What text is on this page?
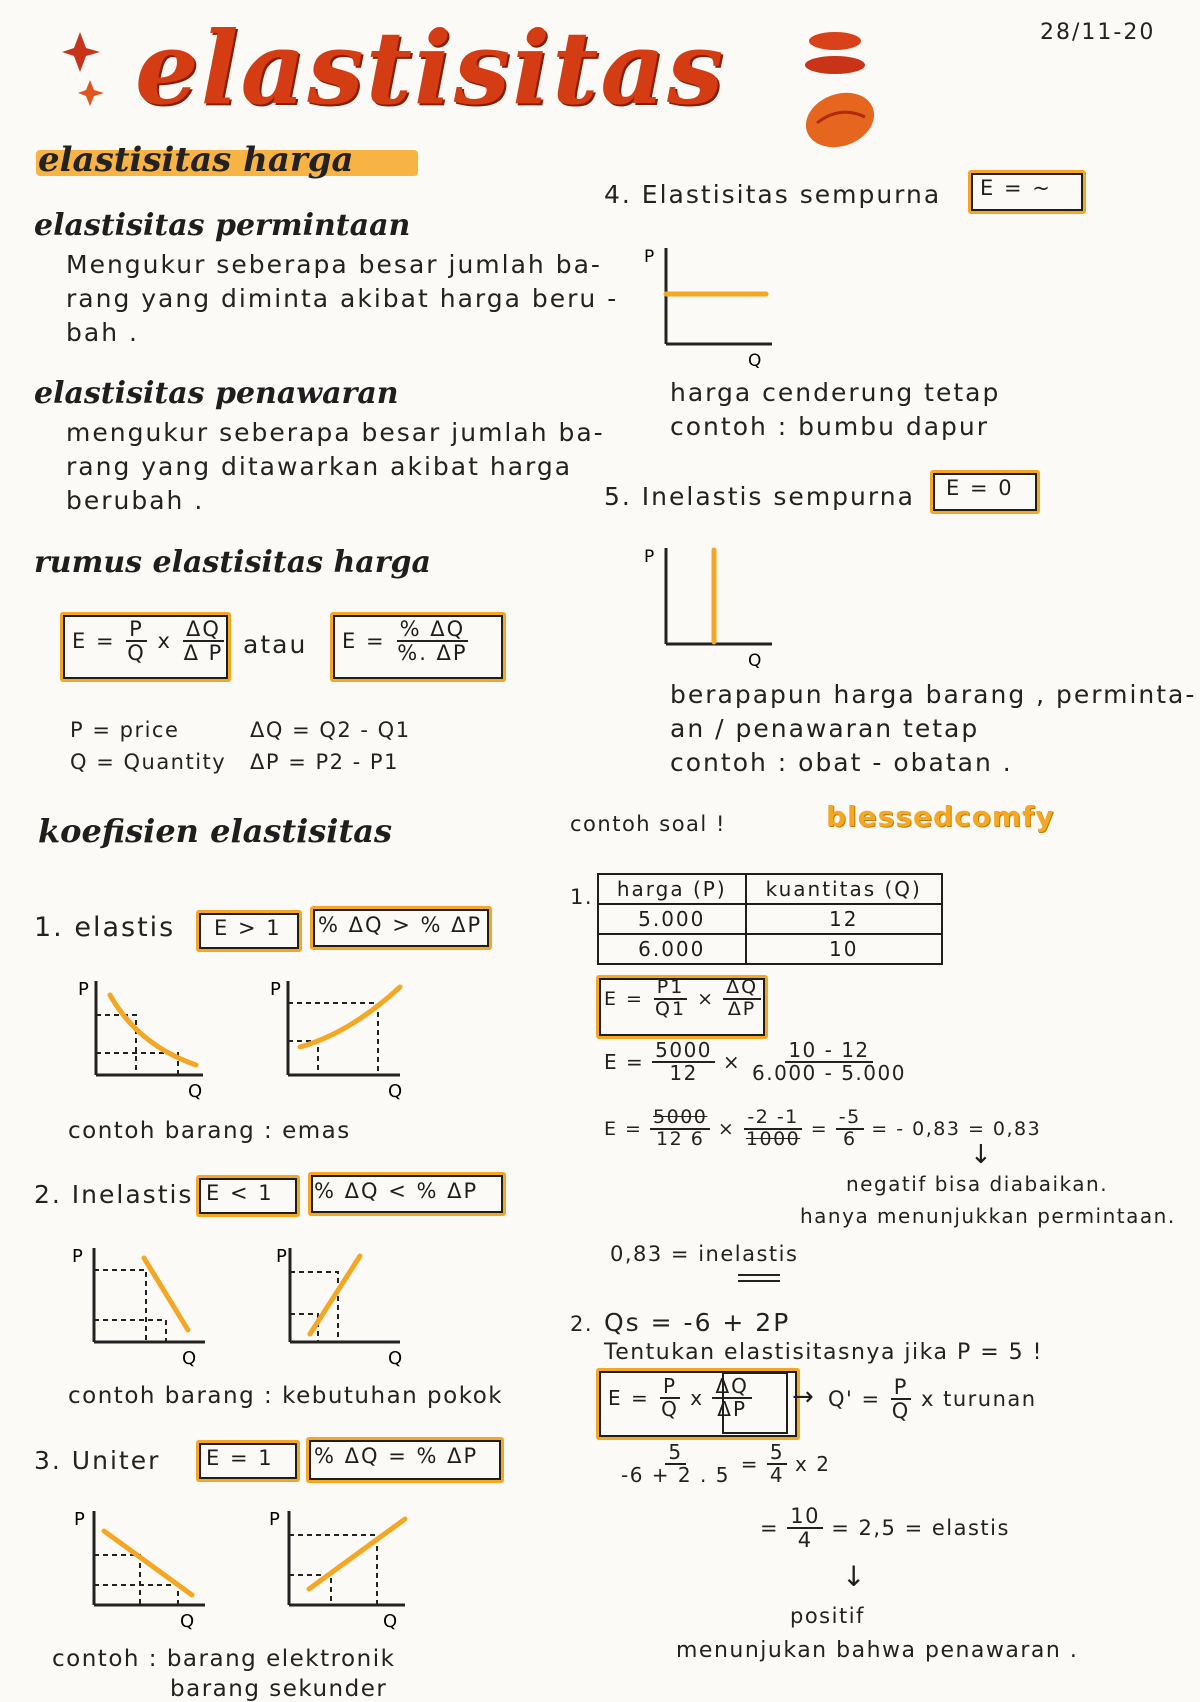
elastisitas	28/11-20
elastisitas harga
elastisitas permintaan
Mengukur seberapa besar jumlah ba-
rang yang diminta akibat harga beru -
bah .
elastisitas penawaran
mengukur seberapa besar jumlah ba-
rang yang ditawarkan akibat harga
berubah .
rumus elastisitas harga
$E = \frac{P}{Q}$ x $\frac{\Delta Q}{\text{Δ P}}$ atau $E = \frac{\% \Delta Q}{\%. \Delta P}$
P = price
Q = Quantity
ΔQ = Q2 - Q1
ΔP = P2 - P1
koefisien elastisitas
1. elastis E > 1 % ΔQ > % ΔP
P
Q
P
Q
contoh barang : emas
2. Inelastis E < 1 % ΔQ < % ΔP
P
Q
P
Q
contoh barang : kebutuhan pokok
3. Uniter E = 1 % ΔQ = % ΔP
P
Q
P
Q
contoh : barang elektronik
barang sekunder
4. Elastisitas sempurna E = ~
P
Q
harga cenderung tetap
contoh : bumbu dapur
5. Inelastis sempurna E = 0
P
Q
berapapun harga barang , perminta-
an / penawaran tetap
contoh : obat - obatan .
contoh soal !	blessedcomfy
1. harga (P)	kuantitas (Q)
5.000	12
6.000	10
$E = \frac{P1}{Q1} \times \frac{\Delta Q}{\Delta P}$
$E = \frac{5000}{12} \times \frac{10 - 12}{6.000 - 5.000}$
$E = \frac{5000}{12 6} \times \frac{-2 -1}{1000} = \frac{-5}{6}$ = - 0,83 = 0,83
↓
negatif bisa diabaikan.
hanya menunjukkan permintaan.
0,83 = inelastis
2. Qs = -6 + 2P
Tentukan elastisitasnya jika P = 5 !
$E = \frac{P}{Q}$ x $\frac{\Delta Q}{\Delta P} \to Q' = \frac{P}{Q}$ x turunan
$\frac{5}{-6 + 2 . 5} = \frac{5}{4}$ x 2
= $\frac{10}{4} = 2,5$ = elastis
↓
positif
menunjukan bahwa penawaran .
